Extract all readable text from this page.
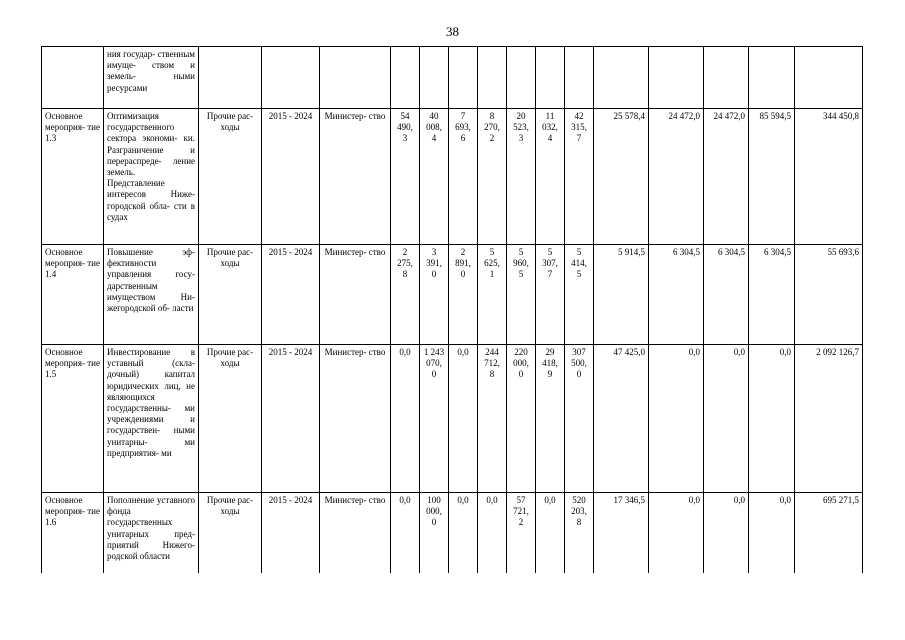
38
	ния государ- ственным имуще- ством и земель- ными ресурсами															
Основное мероприя- тие 1.3	Оптимизация государственного сектора экономи- ки. Разграничение и перераспреде- ление земель. Представление интересов Ниже- городской обла- сти в судах	Прочие рас- ходы	2015 - 2024	Министер- ство	54 490, 3	40 008, 4	7 693, 6	8 270, 2	20 523, 3	11 032, 4	42 315, 7	25 578,4	24 472,0	24 472,0	85 594,5	344 450,8
Основное мероприя- тие 1.4	Повышение эф- фективности управления госу- дарственным имуществом Ни- жегородской об- ласти	Прочие рас- ходы	2015 - 2024	Министер- ство	2 275, 8	3 391, 0	2 891, 0	5 625, 1	5 960, 5	5 307, 7	5 414, 5	5 914,5	6 304,5	6 304,5	6 304,5	55 693,6
Основное мероприя- тие 1.5	Инвестирование в уставный (скла- дочный) капитал юридических лиц, не являющихся государственны- ми учреждениями и государствен- ными унитарны- ми предприятия- ми	Прочие рас- ходы	2015 - 2024	Министер- ство	0,0	1 243 070, 0	0,0	244 712, 8	220 000, 0	29 418, 9	307 500, 0	47 425,0	0,0	0,0	0,0	2 092 126,7
Основное мероприя- тие 1.6	Пополнение уставного фонда государственных унитарных пред- приятий Нижего- родской области	Прочие рас- ходы	2015 - 2024	Министер- ство	0,0	100 000, 0	0,0	0,0	57 721, 2	0,0	520 203, 8	17 346,5	0,0	0,0	0,0	695 271,5
